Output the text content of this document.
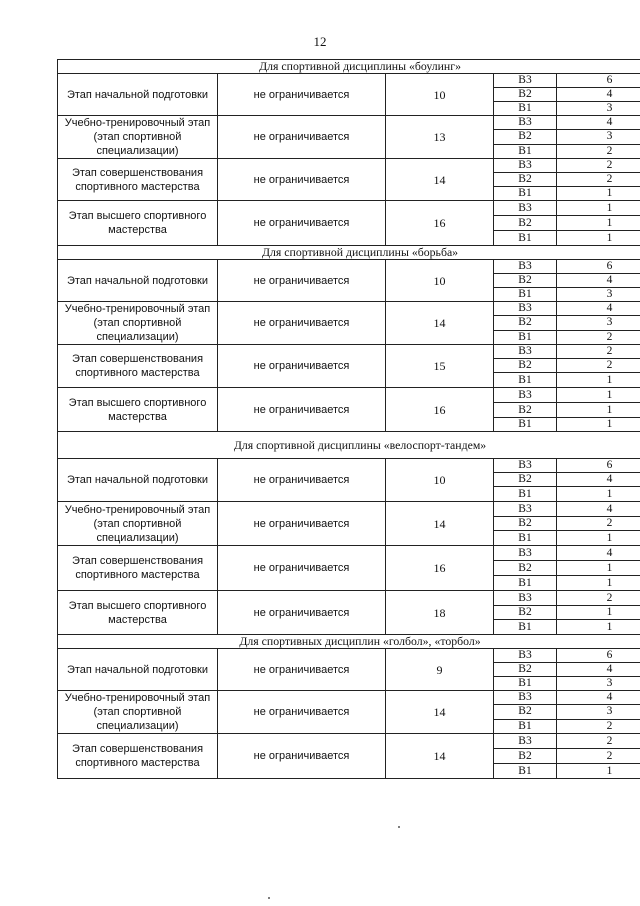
12
Для спортивной дисциплины «боулинг»				
Этап начальной подготовки	не ограничивается	10	В3	6
			В2	4
			В1	3
Учебно-тренировочный этап (этап спортивной специализации)	не ограничивается	13	В3	4
			В2	3
			В1	2
Этап совершенствования спортивного мастерства	не ограничивается	14	В3	2
			В2	2
			В1	1
Этап высшего спортивного мастерства	не ограничивается	16	В3	1
			В2	1
			В1	1
Для спортивной дисциплины «борьба»				
Этап начальной подготовки	не ограничивается	10	В3	6
			В2	4
			В1	3
Учебно-тренировочный этап (этап спортивной специализации)	не ограничивается	14	В3	4
			В2	3
			В1	2
Этап совершенствования спортивного мастерства	не ограничивается	15	В3	2
			В2	2
			В1	1
Этап высшего спортивного мастерства	не ограничивается	16	В3	1
			В2	1
			В1	1
Для спортивной дисциплины «велоспорт-тандем»				
Этап начальной подготовки	не ограничивается	10	В3	6
			В2	4
			В1	1
Учебно-тренировочный этап (этап спортивной специализации)	не ограничивается	14	В3	4
			В2	2
			В1	1
Этап совершенствования спортивного мастерства	не ограничивается	16	В3	4
			В2	1
			В1	1
Этап высшего спортивного мастерства	не ограничивается	18	В3	2
			В2	1
			В1	1
Для спортивных дисциплин «голбол», «торбол»				
Этап начальной подготовки	не ограничивается	9	В3	6
			В2	4
			В1	3
Учебно-тренировочный этап (этап спортивной специализации)	не ограничивается	14	В3	4
			В2	3
			В1	2
Этап совершенствования спортивного мастерства	не ограничивается	14	В3	2
			В2	2
			В1	1
